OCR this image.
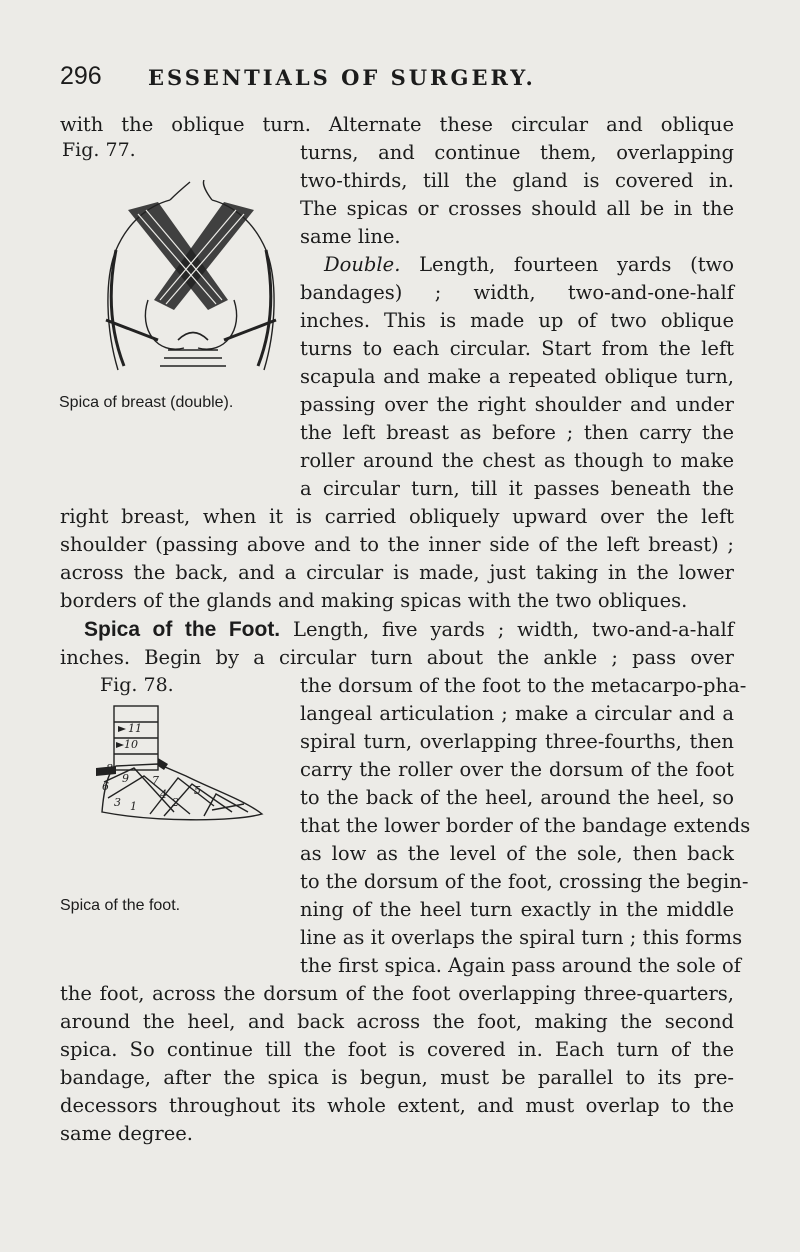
296 ESSENTIALS OF SURGERY.
Fig. 77.
Spica of breast (double).
with the oblique turn. Alternate these circular and oblique
turns, and continue them, overlapping
two-thirds, till the gland is covered in.
The spicas or crosses should all be in the
same line.
Double. Length, fourteen yards (two
bandages) ; width, two-and-one-half
inches. This is made up of two oblique
turns to each circular. Start from the left
scapula and make a repeated oblique turn,
passing over the right shoulder and under
the left breast as before ; then carry the
roller around the chest as though to make
a circular turn, till it passes beneath the
right breast, when it is carried obliquely upward over the left
shoulder (passing above and to the inner side of the left breast) ;
across the back, and a circular is made, just taking in the lower
borders of the glands and making spicas with the two obliques.
Spica of the Foot. Length, five yards ; width, two-and-a-half
inches. Begin by a circular turn about the ankle ; pass over
Fig. 78.
11
10
8
9
6	7
5
4
3	2
1
Spica of the foot.
the dorsum of the foot to the metacarpo-pha-
langeal articulation ; make a circular and a
spiral turn, overlapping three-fourths, then
carry the roller over the dorsum of the foot
to the back of the heel, around the heel, so
that the lower border of the bandage extends
as low as the level of the sole, then back
to the dorsum of the foot, crossing the begin-
ning of the heel turn exactly in the middle
line as it overlaps the spiral turn ; this forms
the first spica. Again pass around the sole of
the foot, across the dorsum of the foot overlapping three-quarters,
around the heel, and back across the foot, making the second
spica. So continue till the foot is covered in. Each turn of the
bandage, after the spica is begun, must be parallel to its pre-
decessors throughout its whole extent, and must overlap to the
same degree.
